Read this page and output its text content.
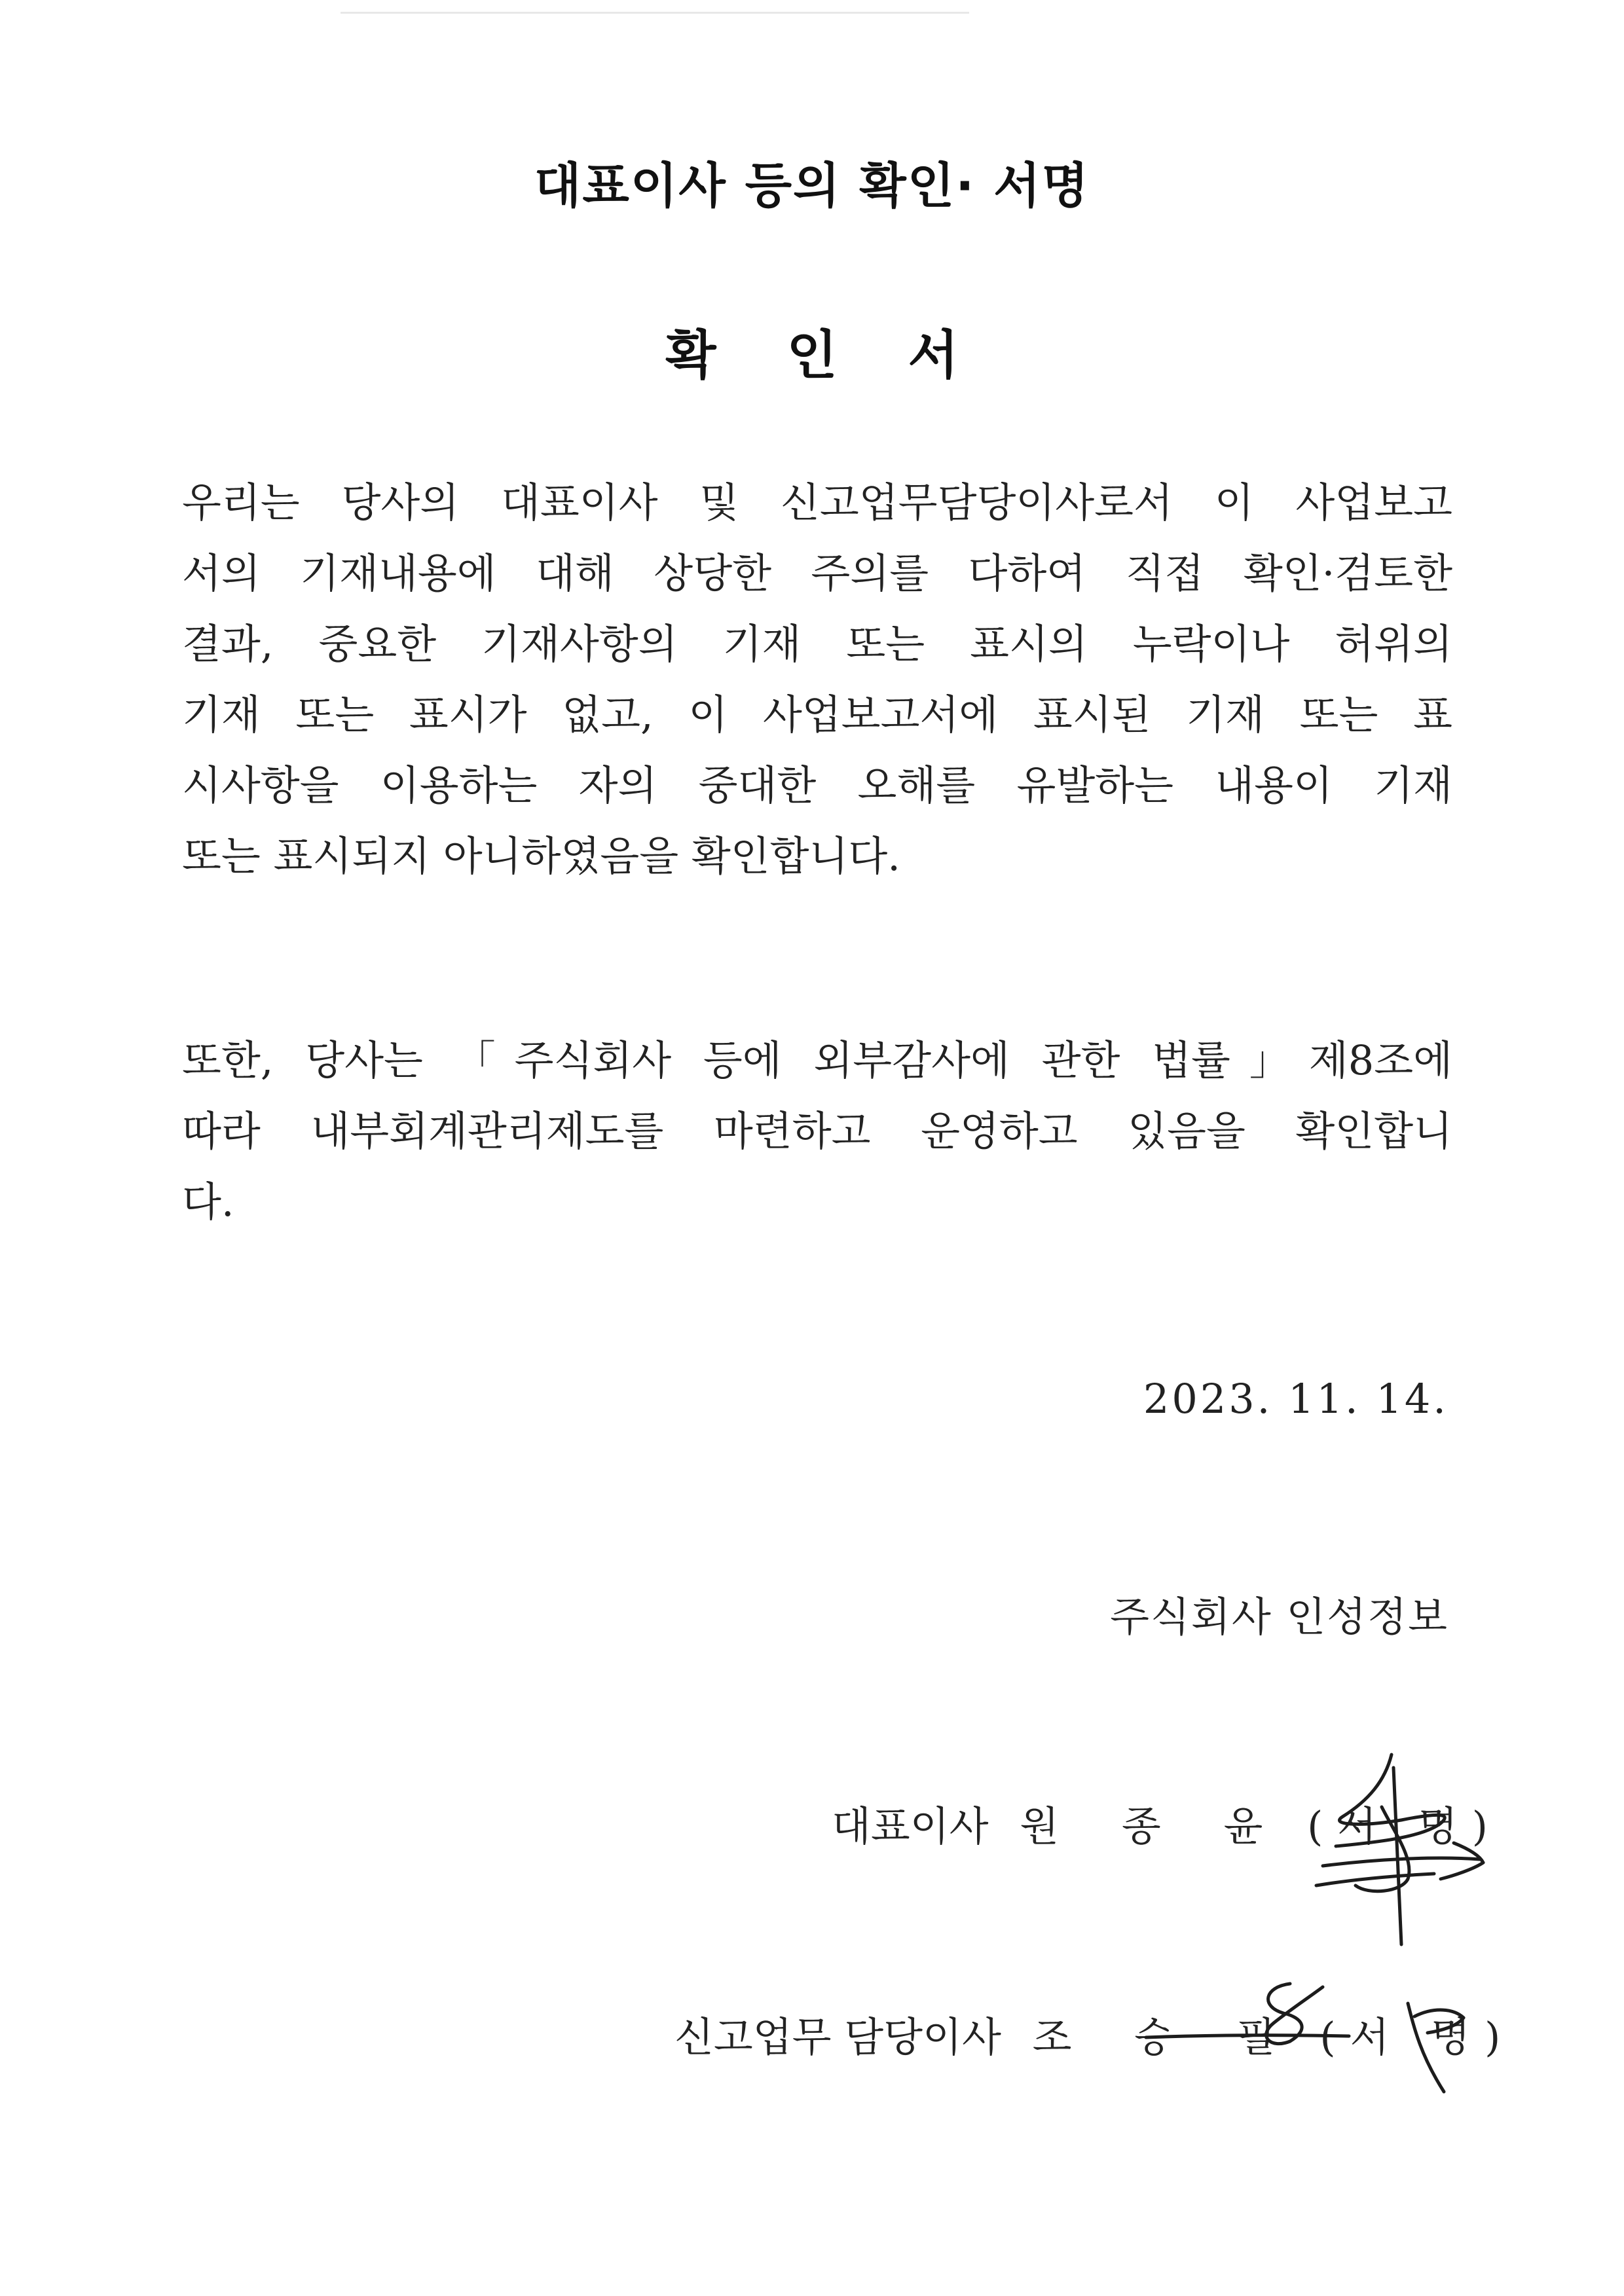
대표이사 등의 확인· 서명
확 인 서
우리는 당사의 대표이사 및 신고업무담당이사로서 이 사업보고
서의 기재내용에 대해 상당한 주의를 다하여 직접 확인·검토한
결과, 중요한 기재사항의 기재 또는 표시의 누락이나 허위의
기재 또는 표시가 없고, 이 사업보고서에 표시된 기재 또는 표
시사항을 이용하는 자의 중대한 오해를 유발하는 내용이 기재
또는 표시되지 아니하였음을 확인합니다.
또한, 당사는 「주식회사 등에 외부감사에 관한 법률」제8조에
따라 내부회계관리제도를 마련하고 운영하고 있음을 확인합니
다.
2023. 11. 14.
주식회사 인성정보
대표이사 원 종 윤 (서 명)
신고업무 담당이사 조 승 필 (서 명)
